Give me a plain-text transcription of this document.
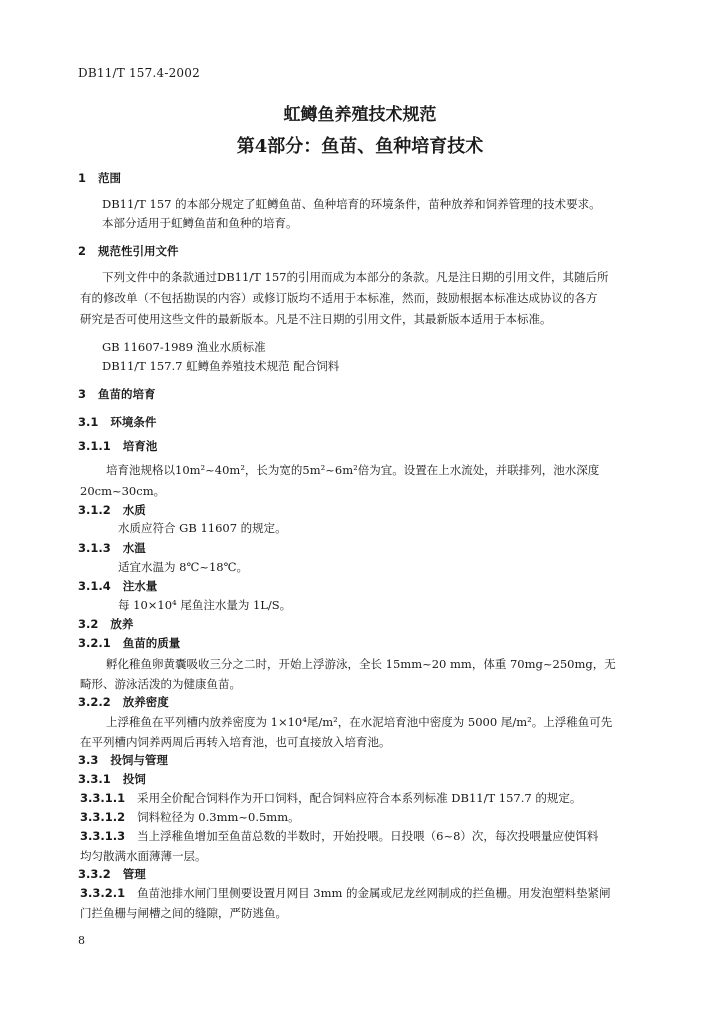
DB11/T 157.4-2002
虹鳟鱼养殖技术规范
第4部分：鱼苗、鱼种培育技术
1 范围
DB11/T 157 的本部分规定了虹鳟鱼苗、鱼种培育的环境条件，苗种放养和饲养管理的技术要求。
本部分适用于虹鳟鱼苗和鱼种的培育。
2 规范性引用文件
下列文件中的条款通过DB11/T 157的引用而成为本部分的条款。凡是注日期的引用文件，其随后所
有的修改单（不包括勘误的内容）或修订版均不适用于本标准，然而，鼓励根据本标准达成协议的各方
研究是否可使用这些文件的最新版本。凡是不注日期的引用文件，其最新版本适用于本标准。
GB 11607-1989 渔业水质标准
DB11/T 157.7 虹鳟鱼养殖技术规范 配合饲料
3 鱼苗的培育
3.1 环境条件
3.1.1 培育池
培育池规格以10m²~40m²，长为宽的5m²~6m²倍为宜。设置在上水流处，并联排列，池水深度
20cm~30cm。
3.1.2 水质
水质应符合 GB 11607 的规定。
3.1.3 水温
适宜水温为 8℃~18℃。
3.1.4 注水量
每 10×10⁴ 尾鱼注水量为 1L/S。
3.2 放养
3.2.1 鱼苗的质量
孵化稚鱼卵黄囊吸收三分之二时，开始上浮游泳，全长 15mm~20 mm，体重 70mg~250mg，无
畸形、游泳活泼的为健康鱼苗。
3.2.2 放养密度
上浮稚鱼在平列槽内放养密度为 1×10⁴尾/m²，在水泥培育池中密度为 5000 尾/m²。上浮稚鱼可先
在平列槽内饲养两周后再转入培育池，也可直接放入培育池。
3.3 投饲与管理
3.3.1 投饲
3.3.1.1 采用全价配合饲料作为开口饲料，配合饲料应符合本系列标准 DB11/T 157.7 的规定。
3.3.1.2 饲料粒径为 0.3mm~0.5mm。
3.3.1.3 当上浮稚鱼增加至鱼苗总数的半数时，开始投喂。日投喂（6~8）次，每次投喂量应使饵料
均匀散满水面薄薄一层。
3.3.2 管理
3.3.2.1 鱼苗池排水闸门里侧要设置月网目 3mm 的金属或尼龙丝网制成的拦鱼栅。用发泡塑料垫紧闸
门拦鱼栅与闸槽之间的缝隙，严防逃鱼。
8
